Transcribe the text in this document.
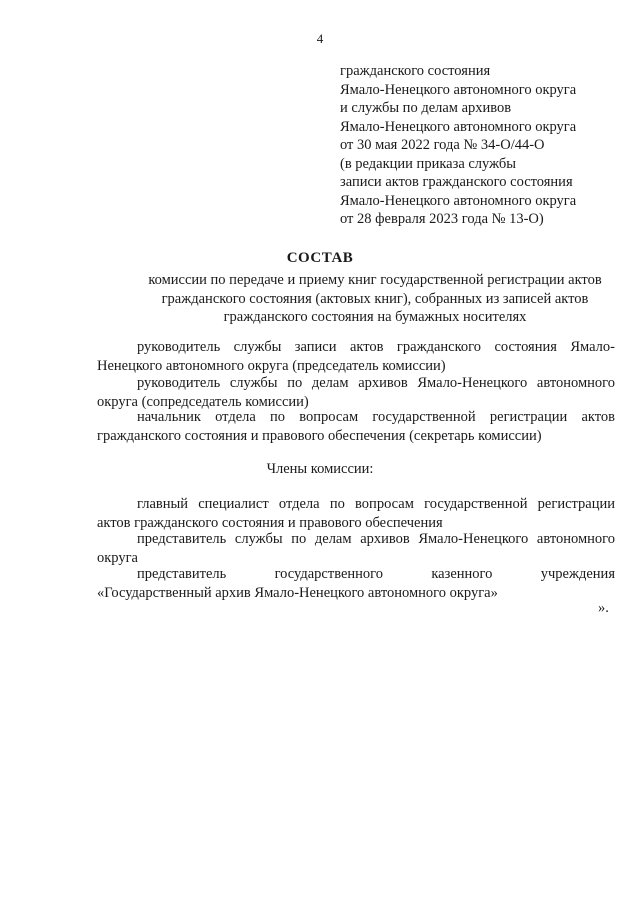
4
гражданского состояния
Ямало-Ненецкого автономного округа
и службы по делам архивов
Ямало-Ненецкого автономного округа
от 30 мая 2022 года № 34-О/44-О
(в редакции приказа службы
записи актов гражданского состояния
Ямало-Ненецкого автономного округа
от 28 февраля 2023 года № 13-О)
СОСТАВ
комиссии по передаче и приему книг государственной регистрации актов
гражданского состояния (актовых книг), собранных из записей актов
гражданского состояния на бумажных носителях
руководитель службы записи актов гражданского состояния Ямало-
Ненецкого автономного округа (председатель комиссии)
руководитель службы по делам архивов Ямало-Ненецкого автономного
округа (сопредседатель комиссии)
начальник отдела по вопросам государственной регистрации актов
гражданского состояния и правового обеспечения (секретарь комиссии)
Члены комиссии:
главный специалист отдела по вопросам государственной регистрации
актов гражданского состояния и правового обеспечения
представитель службы по делам архивов Ямало-Ненецкого автономного
округа
представитель государственного казенного учреждения
«Государственный архив Ямало-Ненецкого автономного округа»
».
